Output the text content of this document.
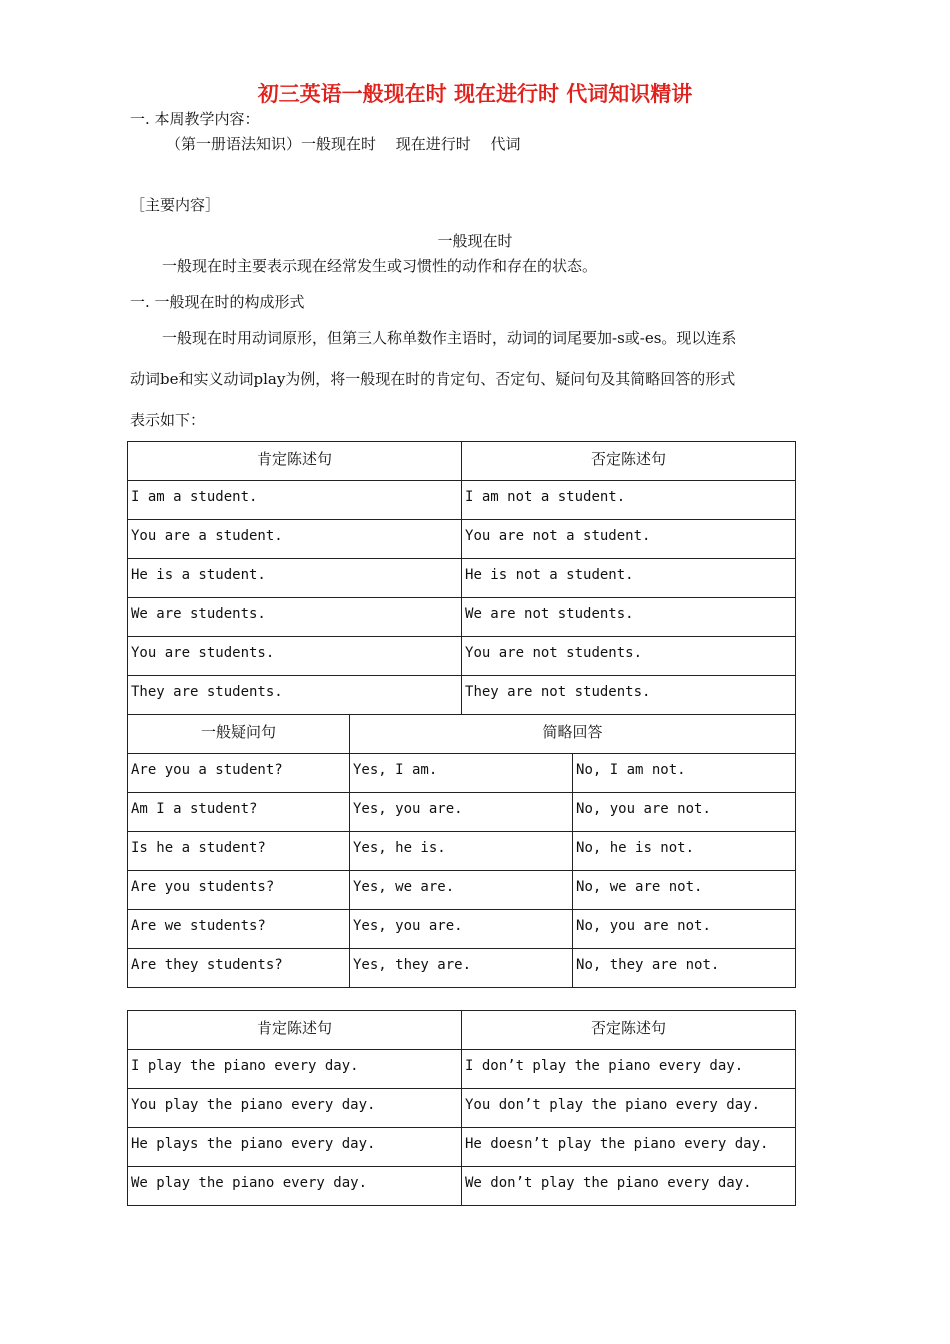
初三英语一般现在时 现在进行时 代词知识精讲
一. 本周教学内容：
（第一册语法知识）一般现在时　 现在进行时　 代词
［主要内容］
一般现在时
一般现在时主要表示现在经常发生或习惯性的动作和存在的状态。
一. 一般现在时的构成形式
一般现在时用动词原形，但第三人称单数作主语时，动词的词尾要加-s或-es。现以连系
动词be和实义动词play为例，将一般现在时的肯定句、否定句、疑问句及其简略回答的形式
表示如下：
肯定陈述句		否定陈述句	
I am a student.		I am not a student.	
You are a student.		You are not a student.	
He is a student.		He is not a student.	
We are students.		We are not students.	
You are students.		You are not students.	
They are students.		They are not students.	
一般疑问句	简略回答		
Are you a student?	Yes, I am.		No, I am not.
Am I a student?	Yes, you are.		No, you are not.
Is he a student?	Yes, he is.		No, he is not.
Are you students?	Yes, we are.		No, we are not.
Are we students?	Yes, you are.		No, you are not.
Are they students?	Yes, they are.		No, they are not.
肯定陈述句	否定陈述句
I play the piano every day.	I don’t play the piano every day.
You play the piano every day.	You don’t play the piano every day.
He plays the piano every day.	He doesn’t play the piano every day.
We play the piano every day.	We don’t play the piano every day.
